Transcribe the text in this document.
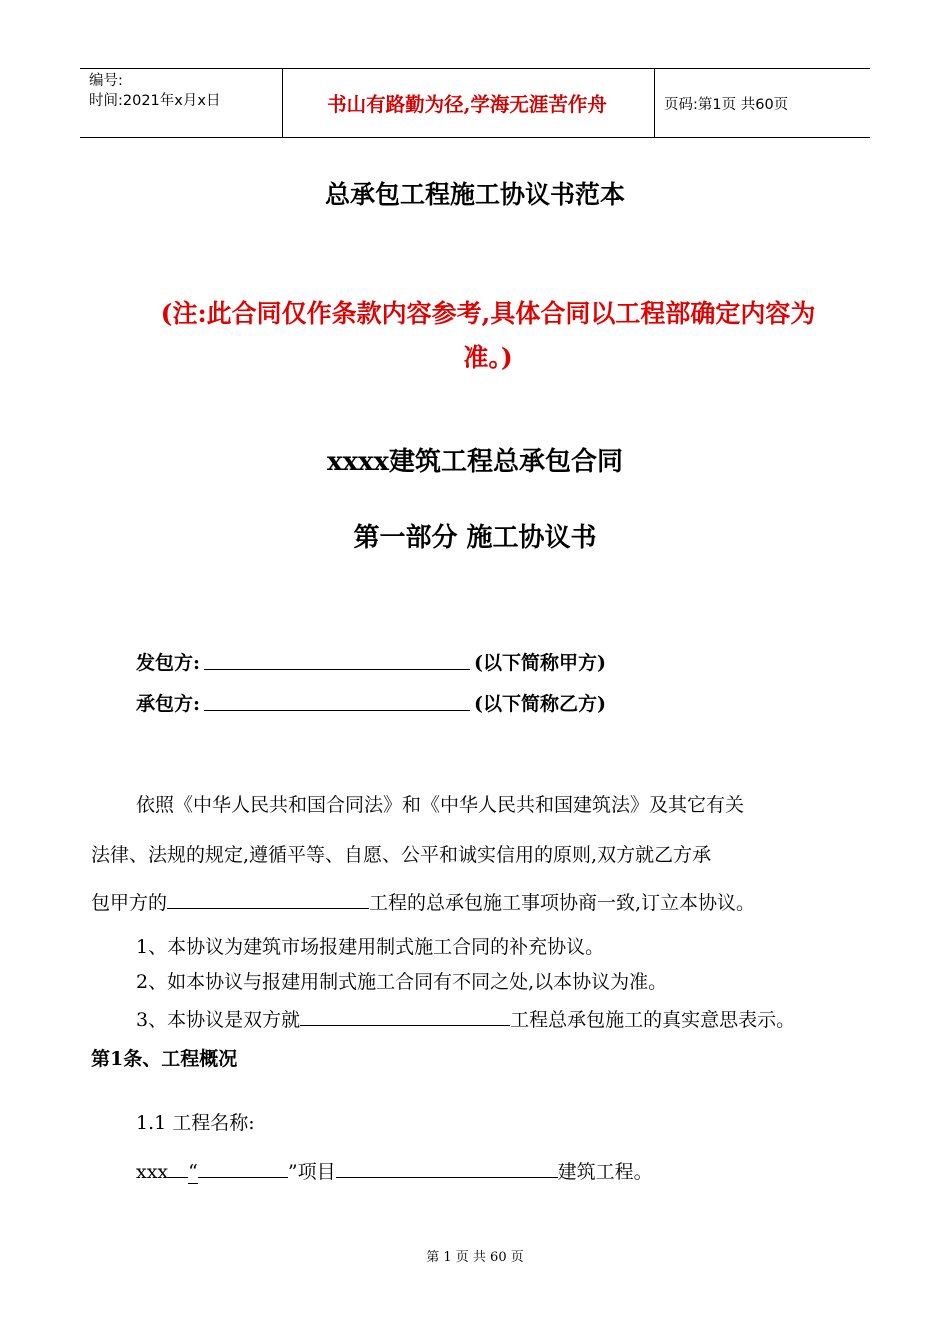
编号:
时间:2021年x月x日	书山有路勤为径,学海无涯苦作舟	页码:第1页 共60页
总承包工程施工协议书范本
(注:此合同仅作条款内容参考,具体合同以工程部确定内容为
准。)
xxxx建筑工程总承包合同
第一部分 施工协议书
发包方:	(以下简称甲方)
承包方:	(以下简称乙方)
依照《中华人民共和国合同法》和《中华人民共和国建筑法》及其它有关
法律、法规的规定,遵循平等、自愿、公平和诚实信用的原则,双方就乙方承
包甲方的	工程的总承包施工事项协商一致,订立本协议。
1、本协议为建筑市场报建用制式施工合同的补充协议。
2、如本协议与报建用制式施工合同有不同之处,以本协议为准。
3、本协议是双方就	工程总承包施工的真实意思表示。
第1条、工程概况
1.1 工程名称:
xxx “	”项目	建筑工程。
第 1 页 共 60 页
